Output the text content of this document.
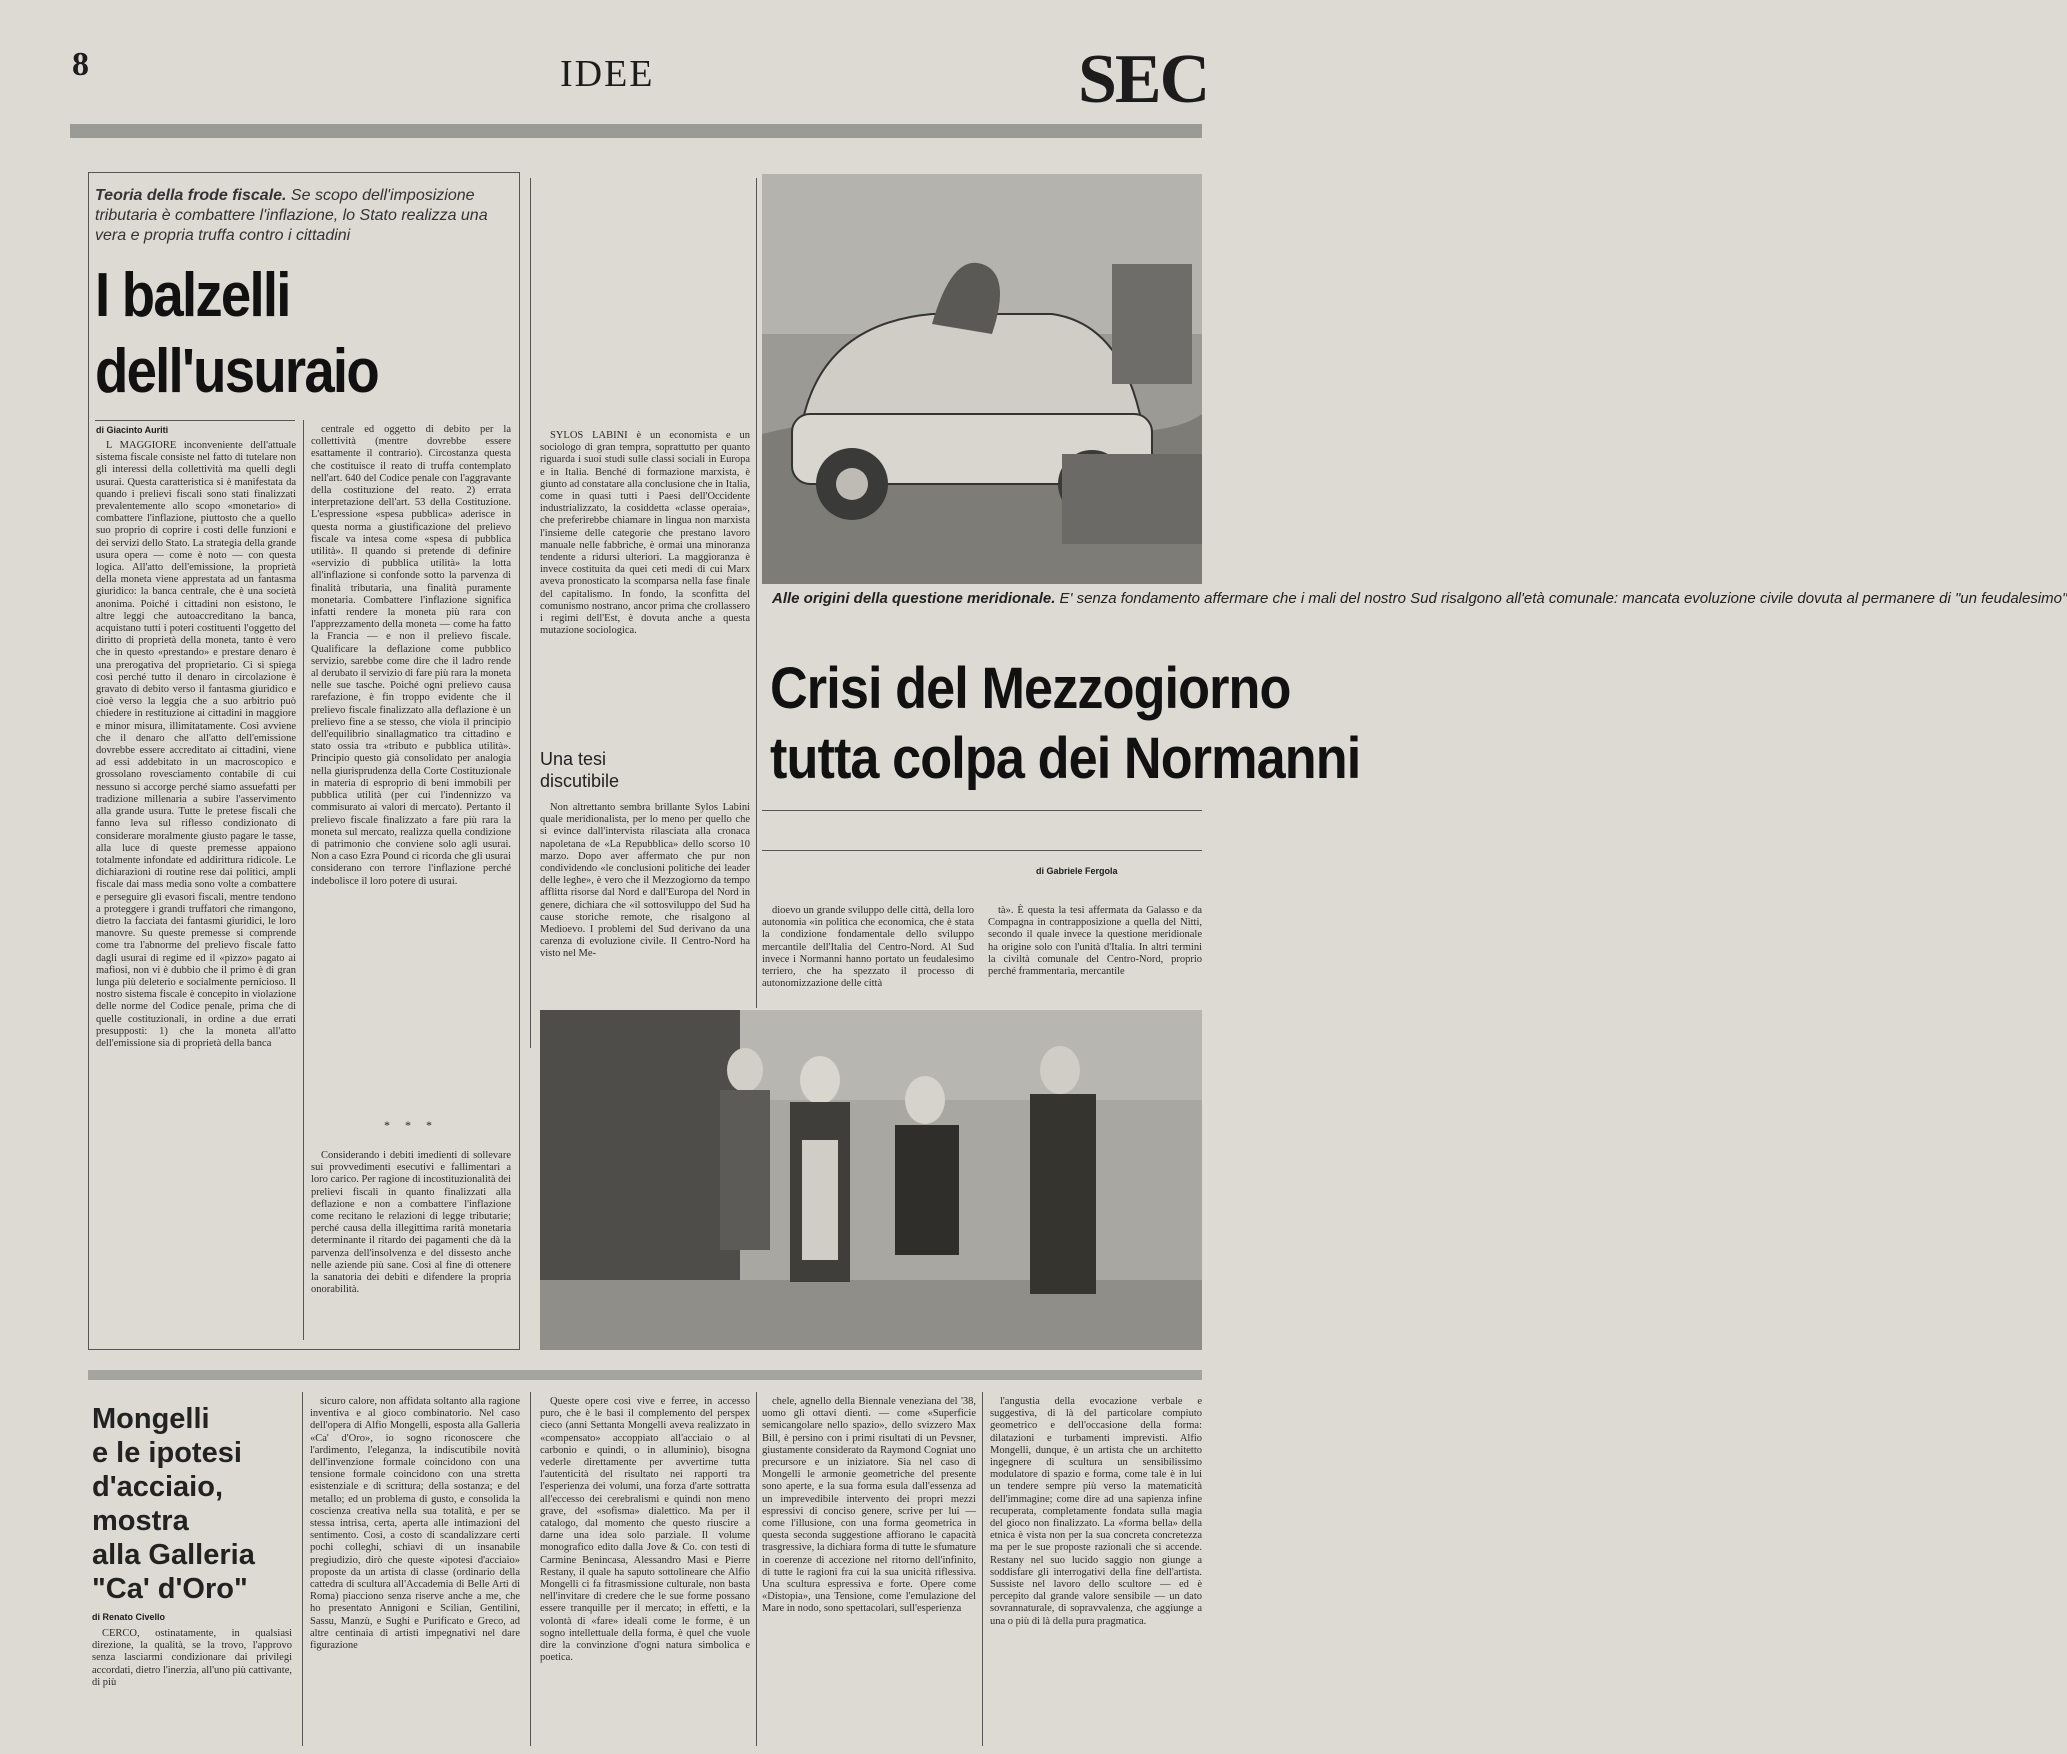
8	IDEE	SEC
Teoria della frode fiscale. Se scopo dell'imposizione tributaria è combattere l'inflazione, lo Stato realizza una vera e propria truffa contro i cittadini
I balzelli
dell'usuraio
di Giacinto Auriti

L MAGGIORE inconveniente dell'attuale sistema fiscale consiste nel fatto di tutelare non gli interessi della collettività ma quelli degli usurai. Questa caratteristica si è manifestata da quando i prelievi fiscali sono stati finalizzati prevalentemente allo scopo «monetario» di combattere l'inflazione, piuttosto che a quello suo proprio di coprire i costi delle funzioni e dei servizi dello Stato. La strategia della grande usura opera — come è noto — con questa logica. All'atto dell'emissione, la proprietà della moneta viene apprestata ad un fantasma giuridico: la banca centrale, che è una società anonima. Poiché i cittadini non esistono, le altre leggi che autoaccreditano la banca, acquistano tutti i poteri costituenti l'oggetto del diritto di proprietà della moneta, tanto è vero che in questo «prestando» e prestare denaro è una prerogativa del proprietario. Ci si spiega così perché tutto il denaro in circolazione è gravato di debito verso il fantasma giuridico e cioè verso la leggia che a suo arbitrio può chiedere in restituzione ai cittadini in maggiore e minor misura, illimitatamente. Così avviene che il denaro che all'atto dell'emissione dovrebbe essere accreditato ai cittadini, viene ad essi addebitato in un macroscopico e grossolano rovesciamento contabile di cui nessuno si accorge perché siamo assuefatti per tradizione millenaria a subire l'asservimento alla grande usura. Tutte le pretese fiscali che fanno leva sul riflesso condizionato di considerare moralmente giusto pagare le tasse, alla luce di queste premesse appaiono totalmente infondate ed addirittura ridicole. Le dichiarazioni di routine rese dai politici, ampli fiscale dai mass media sono volte a combattere e perseguire gli evasori fiscali, mentre tendono a proteggere i grandi truffatori che rimangono, dietro la facciata dei fantasmi giuridici, le loro manovre. Su queste premesse si comprende come tra l'abnorme del prelievo fiscale fatto dagli usurai di regime ed il «pizzo» pagato ai mafiosi, non vi è dubbio che il primo è di gran lunga più deleterio e socialmente pernicioso. Il nostro sistema fiscale è concepito in violazione delle norme del Codice penale, prima che di quelle costituzionali, in ordine a due errati presupposti: 1) che la moneta all'atto dell'emissione sia di proprietà della banca

centrale ed oggetto di debito per la collettività (mentre dovrebbe essere esattamente il contrario). Circostanza questa che costituisce il reato di truffa contemplato nell'art. 640 del Codice penale con l'aggravante della costituzione del reato. 2) errata interpretazione dell'art. 53 della Costituzione. L'espressione «spesa pubblica» aderisce in questa norma a giustificazione del prelievo fiscale va intesa come «spesa di pubblica utilità». Il quando si pretende di definire «servizio di pubblica utilità» la lotta all'inflazione si confonde sotto la parvenza di finalità tributaria, una finalità puramente monetaria. Combattere l'inflazione significa infatti rendere la moneta più rara con l'apprezzamento della moneta — come ha fatto la Francia — e non il prelievo fiscale. Qualificare la deflazione come pubblico servizio, sarebbe come dire che il ladro rende al derubato il servizio di fare più rara la moneta nelle sue tasche. Poiché ogni prelievo causa rarefazione, è fin troppo evidente che il prelievo fiscale finalizzato alla deflazione è un prelievo fine a se stesso, che viola il principio dell'equilibrio sinallagmatico tra cittadino e stato ossia tra «tributo e pubblica utilità». Principio questo già consolidato per analogia nella giurisprudenza della Corte Costituzionale in materia di esproprio di beni immobili per pubblica utilità (per cui l'indennizzo va commisurato ai valori di mercato). Pertanto il prelievo fiscale finalizzato a fare più rara la moneta sul mercato, realizza quella condizione di patrimonio che conviene solo agli usurai. Non a caso Ezra Pound ci ricorda che gli usurai considerano con terrore l'inflazione perché indebolisce il loro potere di usurai.

* * *

Considerando i debiti imedienti di sollevare sui provvedimenti esecutivi e fallimentari a loro carico. Per ragione di incostituzionalità dei prelievi fiscali in quanto finalizzati alla deflazione e non a combattere l'inflazione come recitano le relazioni di legge tributarie; perché causa della illegittima rarità monetaria determinante il ritardo dei pagamenti che dà la parvenza dell'insolvenza e del dissesto anche nelle aziende più sane. Così al fine di ottenere la sanatoria dei debiti e difendere la propria onorabilità.

Alle origini della questione meridionale. E' senza fondamento affermare che i mali del nostro Sud risalgono all'età comunale: mancata evoluzione civile dovuta al permanere di "un feudalesimo"
Crisi del Mezzogiorno
tutta colpa dei Normanni
di Gabriele Fergola

SYLOS LABINI è un economista e un sociologo di gran tempra, soprattutto per quanto riguarda i suoi studi sulle classi sociali in Europa e in Italia. Benché di formazione marxista, è giunto ad constatare alla conclusione che in Italia, come in quasi tutti i Paesi dell'Occidente industrializzato, la cosiddetta «classe operaia», che preferirebbe chiamare in lingua non marxista l'insieme delle categorie che prestano lavoro manuale nelle fabbriche, è ormai una minoranza tendente a ridursi ulteriori. La maggioranza è invece costituita da quei ceti medi di cui Marx aveva pronosticato la scomparsa nella fase finale del capitalismo. In fondo, la sconfitta del comunismo nostrano, ancor prima che crollassero i regimi dell'Est, è dovuta anche a questa mutazione sociologica.

Una tesi discutibile

Non altrettanto sembra brillante Sylos Labini quale meridionalista, per lo meno per quello che si evince dall'intervista rilasciata alla cronaca napoletana de «La Repubblica» dello scorso 10 marzo. Dopo aver affermato che pur non condividendo «le conclusioni politiche dei leader delle leghe», è vero che il Mezzogiorno da tempo afflitta risorse dal Nord e dall'Europa del Nord in genere, dichiara che «il sottosviluppo del Sud ha cause storiche remote, che risalgono al Medioevo. I problemi del Sud derivano da una carenza di evoluzione civile. Il Centro-Nord ha visto nel Me-

dioevo un grande sviluppo delle città, della loro autonomia «in politica che economica, che è stata la condizione fondamentale dello sviluppo mercantile dell'Italia del Centro-Nord. Al Sud invece i Normanni hanno portato un feudalesimo terriero, che ha spezzato il processo di autonomizzazione delle città

tà». È questa la tesi affermata da Galasso e da Compagna in contrapposizione a quella del Nitti, secondo il quale invece la questione meridionale ha origine solo con l'unità d'Italia. In altri termini la civiltà comunale del Centro-Nord, proprio perché frammentaria, mercantile

Mongelli
e le ipotesi
d'acciaio,
mostra
alla Galleria
"Ca' d'Oro"
di Renato Civello

CERCO, ostinatamente, in qualsiasi direzione, la qualità, se la trovo, l'approvo senza lasciarmi condizionare dai privilegi accordati, dietro l'inerzia, all'uno più cattivante, di più

sicuro calore, non affidata soltanto alla ragione inventiva e al gioco combinatorio. Nel caso dell'opera di Alfio Mongelli, esposta alla Galleria «Ca' d'Oro», io sogno riconoscere che l'ardimento, l'eleganza, la indiscutibile novità dell'invenzione formale coincidono con una tensione formale coincidono con una stretta esistenziale e di scrittura; della sostanza; e del metallo; ed un problema di gusto, e consolida la coscienza creativa nella sua totalità, e per se stessa intrisa, certa, aperta alle intimazioni del sentimento. Così, a costo di scandalizzare certi pochi colleghi, schiavi di un insanabile pregiudizio, dirò che queste «ipotesi d'acciaio» proposte da un artista di classe (ordinario della cattedra di scultura all'Accademia di Belle Arti di Roma) piacciono senza riserve anche a me, che ho presentato Annigoni e Scilian, Gentilini, Sassu, Manzù, e Sughi e Purificato e Greco, ad altre centinaia di artisti impegnativi nel dare figurazione

Queste opere così vive e ferree, in accesso puro, che è le basi il complemento del perspex cieco (anni Settanta Mongelli aveva realizzato in «compensato» accoppiato all'acciaio o al carbonio e quindi, o in alluminio), bisogna vederle direttamente per avvertirne tutta l'autenticità del risultato nei rapporti tra l'esperienza dei volumi, una forza d'arte sottratta all'eccesso dei cerebralismi e quindi non meno grave, del «sofisma» dialettico. Ma per il catalogo, dal momento che questo riuscire a darne una idea solo parziale. Il volume monografico edito dalla Jove & Co. con testi di Carmine Benincasa, Alessandro Masi e Pierre Restany, il quale ha saputo sottolineare che Alfio Mongelli ci fa fitrasmissione culturale, non basta nell'invitare di credere che le sue forme possano essere tranquille per il mercato; in effetti, e la volontà di «fare» ideali come le forme, è un sogno intellettuale della forma, è quel che vuole dire la convinzione d'ogni natura simbolica e poetica.

chele, agnello della Biennale veneziana del '38, uomo gli ottavi dienti. — come «Superficie semicangolare nello spazio», dello svizzero Max Bill, è persino con i primi risultati di un Pevsner, giustamente considerato da Raymond Cogniat uno precursore e un iniziatore. Sia nel caso di Mongelli le armonie geometriche del presente sono aperte, e la sua forma esula dall'essenza ad un imprevedibile intervento dei propri mezzi espressivi di conciso genere, scrive per lui — come l'illusione, con una forma geometrica in questa seconda suggestione affiorano le capacità trasgressive, la dichiara forma di tutte le sfumature in coerenze di accezione nel ritorno dell'infinito, di tutte le ragioni fra cui la sua unicità riflessiva. Una scultura espressiva e forte. Opere come «Distopia», una Tensione, come l'emulazione del Mare in nodo, sono spettacolari, sull'esperienza

l'angustia della evocazione verbale e suggestiva, di là del particolare compiuto geometrico e dell'occasione della forma: dilatazioni e turbamenti imprevisti. Alfio Mongelli, dunque, è un artista che un architetto ingegnere di scultura un sensibilissimo modulatore di spazio e forma, come tale è in lui un tendere sempre più verso la matematicità dell'immagine; come dire ad una sapienza infine recuperata, completamente fondata sulla magia del gioco non finalizzato. La «forma bella» della etnica è vista non per la sua concreta concretezza ma per le sue proposte razionali che si accende. Restany nel suo lucido saggio non giunge a soddisfare gli interrogativi della fine dell'artista. Sussiste nel lavoro dello scultore — ed è percepito dal grande valore sensibile — un dato sovrannaturale, di sopravvalenza, che aggiunge a una o più di là della pura pragmatica.
